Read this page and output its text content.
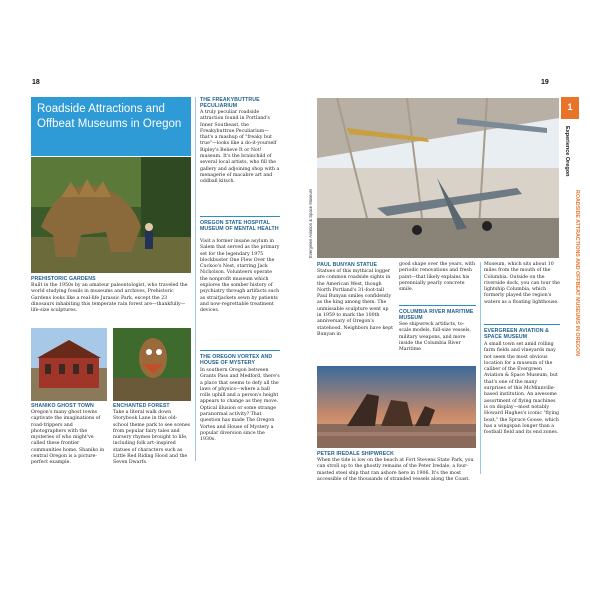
18
Roadside Attractions and Offbeat Museums in Oregon
PREHISTORIC GARDENS
Built in the 1950s by an amateur paleontologist, who traveled the world studying fossils in museums and archives, Prehistoric Gardens looks like a real-life Jurassic Park, except the 23 dinosaurs inhabiting this temperate rain forest are—thankfully—life-size sculptures.
SHANIKO GHOST TOWN
Oregon's many ghost towns captivate the imaginations of road-trippers and photographers with the mysteries of who might've called these frontier communities home. Shaniko in central Oregon is a picture-perfect example.
ENCHANTED FOREST
Take a literal walk down Storybook Lane in this old-school theme park to see scenes from popular fairy tales and nursery rhymes brought to life, including folk art–inspired statues of characters such as Little Red Riding Hood and the Seven Dwarfs.
THE FREAKYBUTTRUE PECULIARIUM
A truly peculiar roadside attraction found in Portland's Inner Southeast, the Freakybuttrue Peculiarium— that's a mashup of "freaky but true"—looks like a do-it-yourself Ripley's Believe It or Not! museum. It's the brainchild of several local artists, who fill the gallery and adjoining shop with a menagerie of macabre art and oddball kitsch.
OREGON STATE HOSPITAL MUSEUM OF MENTAL HEALTH
Visit a former insane asylum in Salem that served as the primary set for the legendary 1975 blockbuster One Flew Over the Cuckoo's Nest, starring Jack Nicholson. Volunteers operate the nonprofit museum which explores the somber history of psychiatry through artifacts such as straitjackets sewn by patients and now-regrettable treatment devices.
THE OREGON VORTEX AND HOUSE OF MYSTERY
In southern Oregon between Grants Pass and Medford, there's a place that seems to defy all the laws of physics—where a ball rolls uphill and a person's height appears to change as they move. Optical illusion or some strange paranormal activity? That question has made The Oregon Vortex and House of Mystery a popular diversion since the 1930s.
19
1
Experience Oregon
ROADSIDE ATTRACTIONS AND OFFBEAT MUSEUMS IN OREGON
Evergreen Aviation & Space Museum
PAUL BUNYAN STATUE
Statues of this mythical logger are common roadside sights in the American West, though North Portland's 31-foot-tall Paul Bunyan smiles confidently as the king among them. The unmissable sculpture went up in 1959 to mark the 100th anniversary of Oregon's statehood. Neighbors have kept Bunyan in
good shape over the years, with periodic renovations and fresh paint—that likely explains his perennially pearly concrete smile.
COLUMBIA RIVER MARITIME MUSEUM
See shipwreck artifacts, to-scale models, full-size vessels, military weapons, and more inside the Columbia River Maritime
Museum, which sits about 10 miles from the mouth of the Columbia. Outside on the riverside dock, you can tour the lightship Columbia, which formerly played the region's waters as a floating lighthouse.
EVERGREEN AVIATION & SPACE MUSEUM
A small town set amid rolling farm fields and vineyards may not seem the most obvious location for a museum of the caliber of the Evergreen Aviation & Space Museum, but that's one of the many surprises of this McMinnville-based institution. An awesome assortment of flying machines is on display—most notably Howard Hughes's iconic "flying boat," the Spruce Goose, which has a wingspan longer than a football field and its end zones.
PETER IREDALE SHIPWRECK
When the tide is low on the beach at Fort Stevens State Park, you can stroll up to the ghostly remains of the Peter Iredale, a four-masted steel ship that ran ashore here in 1906. It's the most accessible of the thousands of stranded vessels along the Coast.
